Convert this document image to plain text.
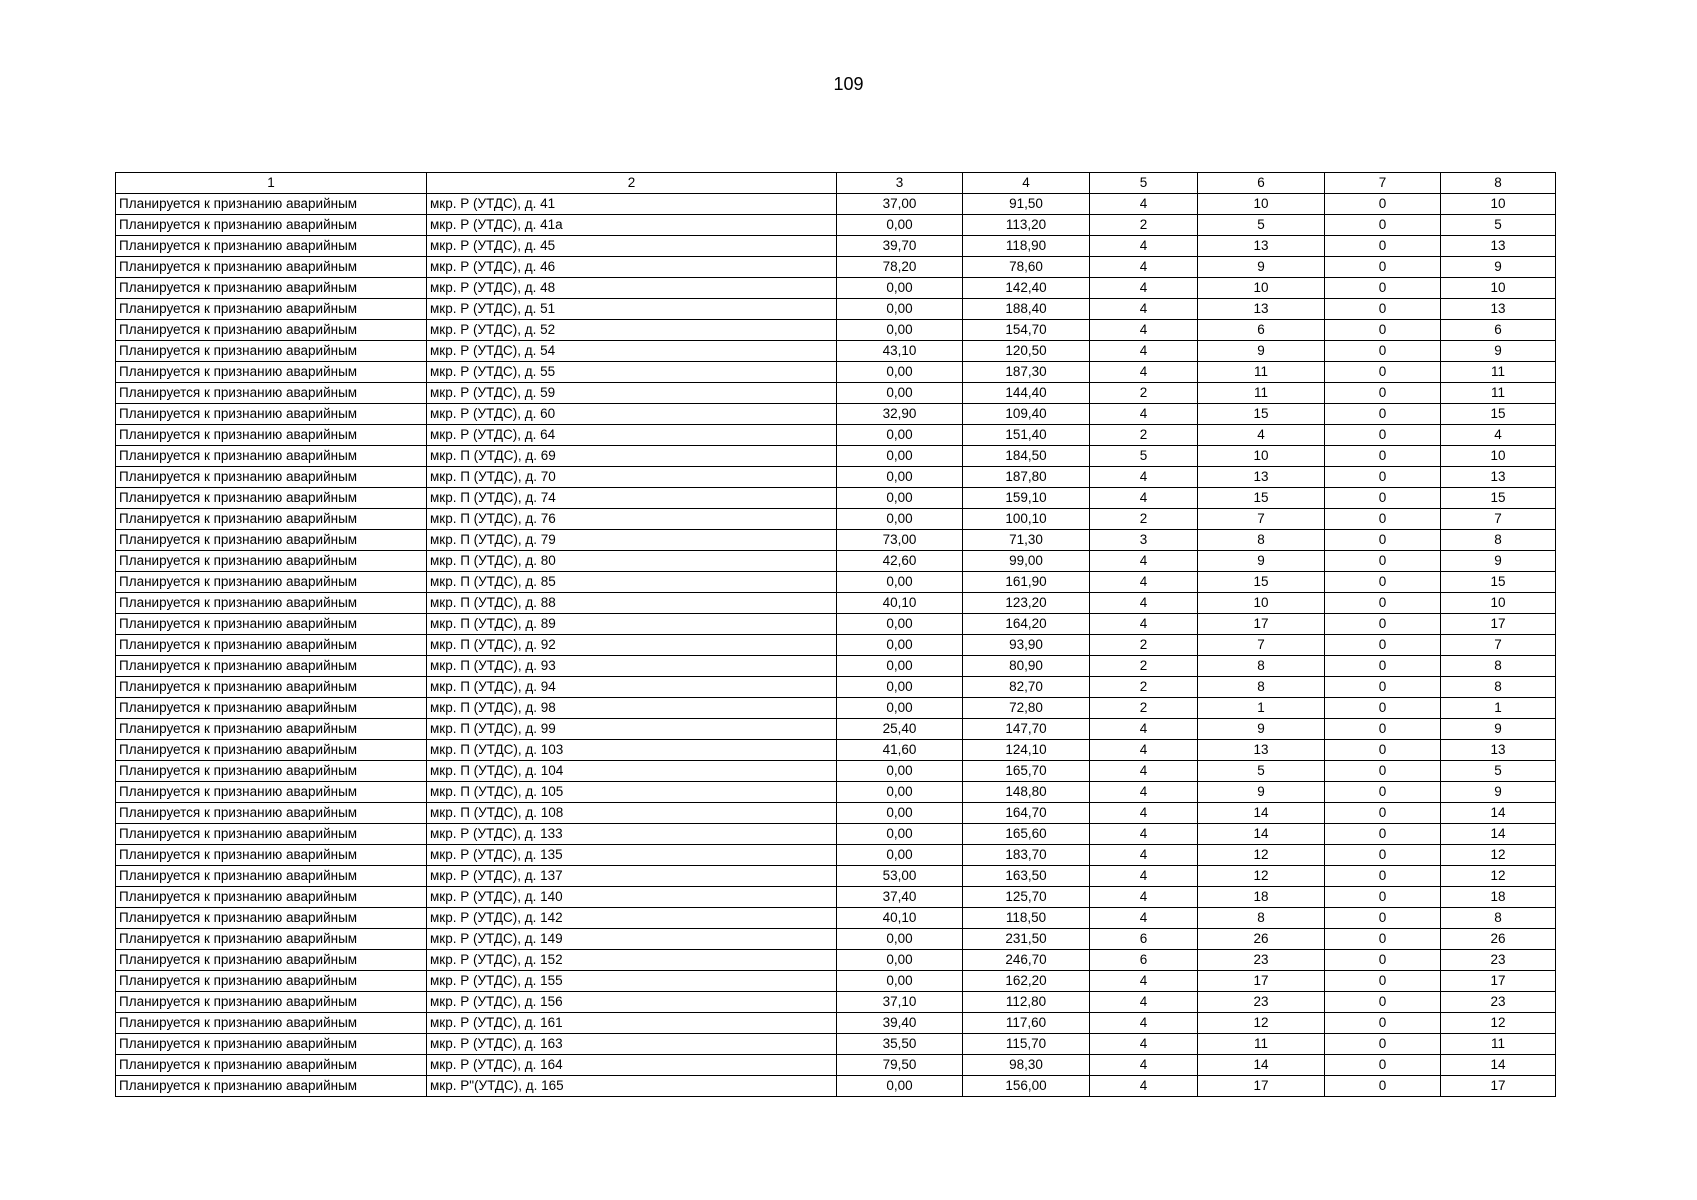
109
1	2	3	4	5	6	7	8
Планируется к признанию аварийным	мкр. Р (УТДС), д. 41	37,00	91,50	4	10	0	10
Планируется к признанию аварийным	мкр. Р (УТДС), д. 41а	0,00	113,20	2	5	0	5
Планируется к признанию аварийным	мкр. Р (УТДС), д. 45	39,70	118,90	4	13	0	13
Планируется к признанию аварийным	мкр. Р (УТДС), д. 46	78,20	78,60	4	9	0	9
Планируется к признанию аварийным	мкр. Р (УТДС), д. 48	0,00	142,40	4	10	0	10
Планируется к признанию аварийным	мкр. Р (УТДС), д. 51	0,00	188,40	4	13	0	13
Планируется к признанию аварийным	мкр. Р (УТДС), д. 52	0,00	154,70	4	6	0	6
Планируется к признанию аварийным	мкр. Р (УТДС), д. 54	43,10	120,50	4	9	0	9
Планируется к признанию аварийным	мкр. Р (УТДС), д. 55	0,00	187,30	4	11	0	11
Планируется к признанию аварийным	мкр. Р (УТДС), д. 59	0,00	144,40	2	11	0	11
Планируется к признанию аварийным	мкр. Р (УТДС), д. 60	32,90	109,40	4	15	0	15
Планируется к признанию аварийным	мкр. Р (УТДС), д. 64	0,00	151,40	2	4	0	4
Планируется к признанию аварийным	мкр. П (УТДС), д. 69	0,00	184,50	5	10	0	10
Планируется к признанию аварийным	мкр. П (УТДС), д. 70	0,00	187,80	4	13	0	13
Планируется к признанию аварийным	мкр. П (УТДС), д. 74	0,00	159,10	4	15	0	15
Планируется к признанию аварийным	мкр. П (УТДС), д. 76	0,00	100,10	2	7	0	7
Планируется к признанию аварийным	мкр. П (УТДС), д. 79	73,00	71,30	3	8	0	8
Планируется к признанию аварийным	мкр. П (УТДС), д. 80	42,60	99,00	4	9	0	9
Планируется к признанию аварийным	мкр. П (УТДС), д. 85	0,00	161,90	4	15	0	15
Планируется к признанию аварийным	мкр. П (УТДС), д. 88	40,10	123,20	4	10	0	10
Планируется к признанию аварийным	мкр. П (УТДС), д. 89	0,00	164,20	4	17	0	17
Планируется к признанию аварийным	мкр. П (УТДС), д. 92	0,00	93,90	2	7	0	7
Планируется к признанию аварийным	мкр. П (УТДС), д. 93	0,00	80,90	2	8	0	8
Планируется к признанию аварийным	мкр. П (УТДС), д. 94	0,00	82,70	2	8	0	8
Планируется к признанию аварийным	мкр. П (УТДС), д. 98	0,00	72,80	2	1	0	1
Планируется к признанию аварийным	мкр. П (УТДС), д. 99	25,40	147,70	4	9	0	9
Планируется к признанию аварийным	мкр. П (УТДС), д. 103	41,60	124,10	4	13	0	13
Планируется к признанию аварийным	мкр. П (УТДС), д. 104	0,00	165,70	4	5	0	5
Планируется к признанию аварийным	мкр. П (УТДС), д. 105	0,00	148,80	4	9	0	9
Планируется к признанию аварийным	мкр. П (УТДС), д. 108	0,00	164,70	4	14	0	14
Планируется к признанию аварийным	мкр. Р (УТДС), д. 133	0,00	165,60	4	14	0	14
Планируется к признанию аварийным	мкр. Р (УТДС), д. 135	0,00	183,70	4	12	0	12
Планируется к признанию аварийным	мкр. Р (УТДС), д. 137	53,00	163,50	4	12	0	12
Планируется к признанию аварийным	мкр. Р (УТДС), д. 140	37,40	125,70	4	18	0	18
Планируется к признанию аварийным	мкр. Р (УТДС), д. 142	40,10	118,50	4	8	0	8
Планируется к признанию аварийным	мкр. Р (УТДС), д. 149	0,00	231,50	6	26	0	26
Планируется к признанию аварийным	мкр. Р (УТДС), д. 152	0,00	246,70	6	23	0	23
Планируется к признанию аварийным	мкр. Р (УТДС), д. 155	0,00	162,20	4	17	0	17
Планируется к признанию аварийным	мкр. Р (УТДС), д. 156	37,10	112,80	4	23	0	23
Планируется к признанию аварийным	мкр. Р (УТДС), д. 161	39,40	117,60	4	12	0	12
Планируется к признанию аварийным	мкр. Р (УТДС), д. 163	35,50	115,70	4	11	0	11
Планируется к признанию аварийным	мкр. Р (УТДС), д. 164	79,50	98,30	4	14	0	14
Планируется к признанию аварийным	мкр. Р"(УТДС), д. 165	0,00	156,00	4	17	0	17
